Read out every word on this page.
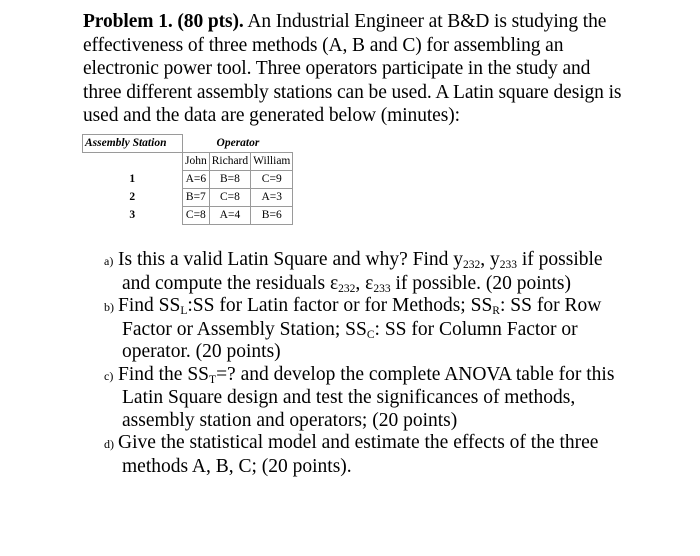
Problem 1. (80 pts). An Industrial Engineer at B&D is studying the effectiveness of three methods (A, B and C) for assembling an electronic power tool. Three operators participate in the study and three different assembly stations can be used. A Latin square design is used and the data are generated below (minutes):
Assembly Station	Operator		
	John	Richard	William
1	A=6	B=8	C=9
2	B=7	C=8	A=3
3	C=8	A=4	B=6

a) Is this a valid Latin Square and why? Find $y_{232}$, $y_{233}$ if possible and compute the residuals $\varepsilon_{232}$, $\varepsilon_{233}$ if possible. (20 points)

b) Find $SS_L:SS$ for Latin factor or for Methods; $SS_R$: SS for Row Factor or Assembly Station; $SS_C$: SS for Column Factor or operator. (20 points)

c) Find the $SS_T=$? and develop the complete ANOVA table for this Latin Square design and test the significances of methods, assembly station and operators; (20 points)

d) Give the statistical model and estimate the effects of the three methods A, B, C; (20 points).
